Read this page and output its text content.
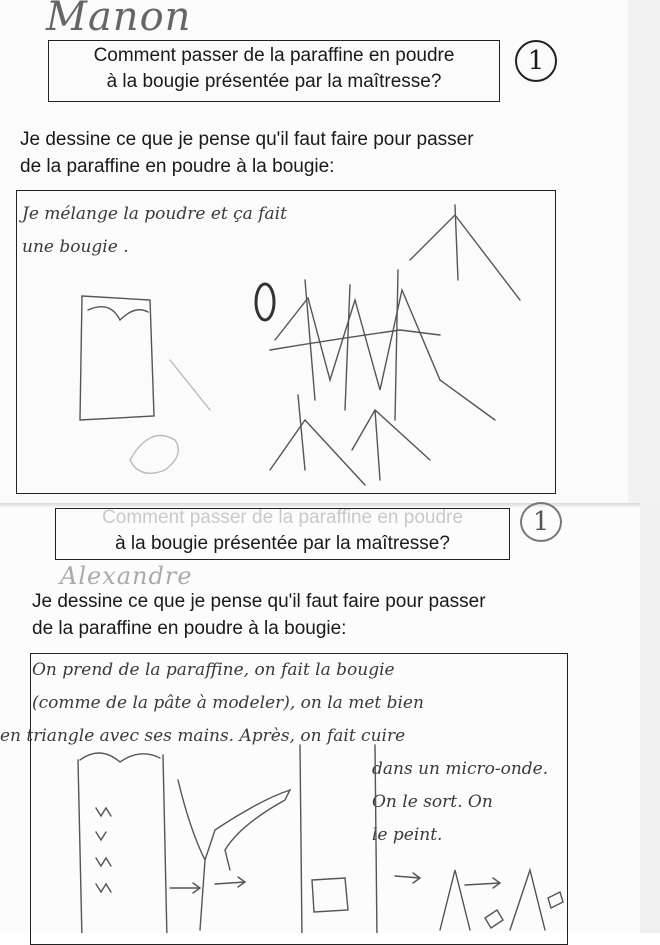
Manon
Comment passer de la paraffine en poudre
à la bougie présentée par la maîtresse?
1
Je dessine ce que je pense qu'il faut faire pour passer
de la paraffine en poudre à la bougie:
Je mélange la poudre et ça fait
une bougie .
Comment passer de la paraffine en poudre
à la bougie présentée par la maîtresse?
1
Alexandre
Je dessine ce que je pense qu'il faut faire pour passer
de la paraffine en poudre à la bougie:
On prend de la paraffine, on fait la bougie
(comme de la pâte à modeler), on la met bien
en triangle avec ses mains. Après, on fait cuire
dans un micro-onde.
On le sort. On
le peint.
